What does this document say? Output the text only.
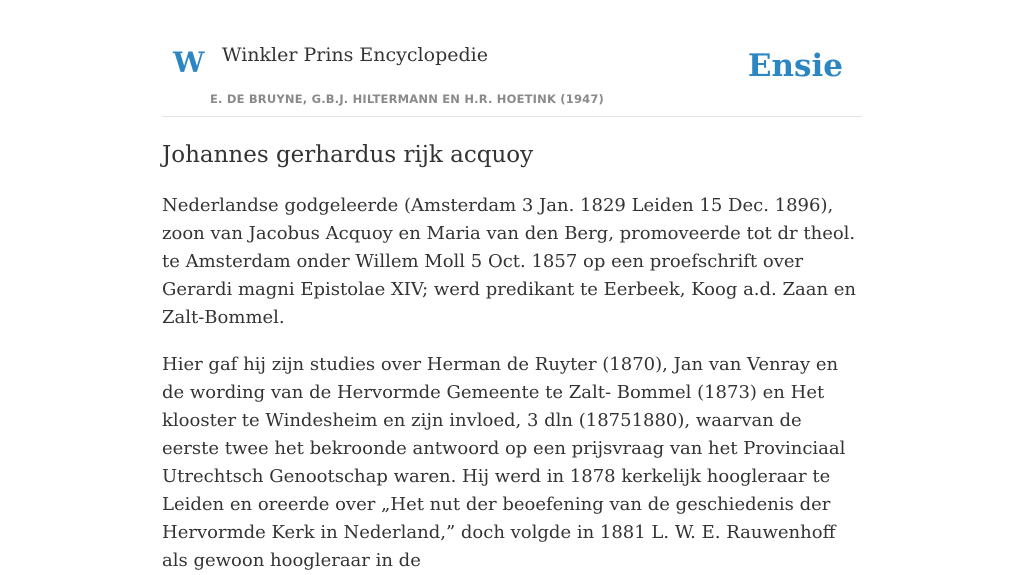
W Winkler Prins Encyclopedie
E. DE BRUYNE, G.B.J. HILTERMANN EN H.R. HOETINK (1947)
Ensie
Johannes gerhardus rijk acquoy

Nederlandse godgeleerde (Amsterdam 3 Jan. 1829 Leiden 15 Dec. 1896), zoon van Jacobus Acquoy en Maria van den Berg, promoveerde tot dr theol. te Amsterdam onder Willem Moll 5 Oct. 1857 op een proefschrift over Gerardi magni Epistolae XIV; werd predikant te Eerbeek, Koog a.d. Zaan en Zalt-Bommel.

Hier gaf hij zijn studies over Herman de Ruyter (1870), Jan van Venray en de wording van de Hervormde Gemeente te Zalt- Bommel (1873) en Het klooster te Windesheim en zijn invloed, 3 dln (18751880), waarvan de eerste twee het bekroonde antwoord op een prijsvraag van het Provinciaal Utrechtsch Genootschap waren. Hij werd in 1878 kerkelijk hoogleraar te Leiden en oreerde over „Het nut der beoefening van de geschiedenis der Hervormde Kerk in Nederland,” doch volgde in 1881 L. W. E. Rauwenhoff als gewoon hoogleraar in de
